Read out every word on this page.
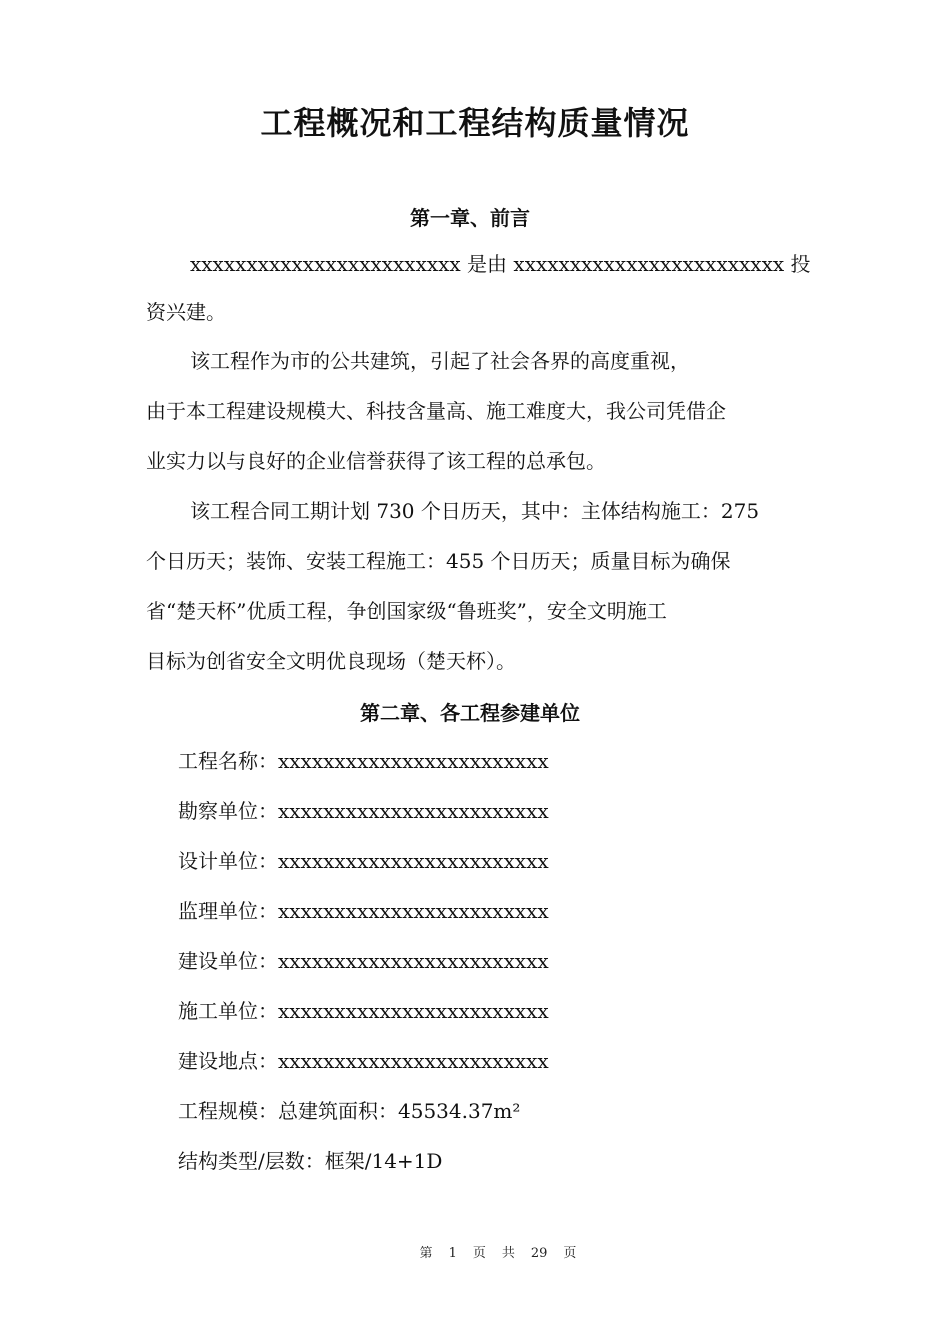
工程概况和工程结构质量情况
第一章、前言
xxxxxxxxxxxxxxxxxxxxxxxx 是由 xxxxxxxxxxxxxxxxxxxxxxxx 投
资兴建。
该工程作为市的公共建筑，引起了社会各界的高度重视，
由于本工程建设规模大、科技含量高、施工难度大，我公司凭借企
业实力以与良好的企业信誉获得了该工程的总承包。
该工程合同工期计划 730 个日历天，其中：主体结构施工：275
个日历天；装饰、安装工程施工：455 个日历天；质量目标为确保
省“楚天杯”优质工程，争创国家级“鲁班奖”，安全文明施工
目标为创省安全文明优良现场（楚天杯）。
第二章、各工程参建单位
工程名称：xxxxxxxxxxxxxxxxxxxxxxxx
勘察单位：xxxxxxxxxxxxxxxxxxxxxxxx
设计单位：xxxxxxxxxxxxxxxxxxxxxxxx
监理单位：xxxxxxxxxxxxxxxxxxxxxxxx
建设单位：xxxxxxxxxxxxxxxxxxxxxxxx
施工单位：xxxxxxxxxxxxxxxxxxxxxxxx
建设地点：xxxxxxxxxxxxxxxxxxxxxxxx
工程规模：总建筑面积：45534.37m²
结构类型/层数：框架/14+1D
第 1 页 共 29 页
